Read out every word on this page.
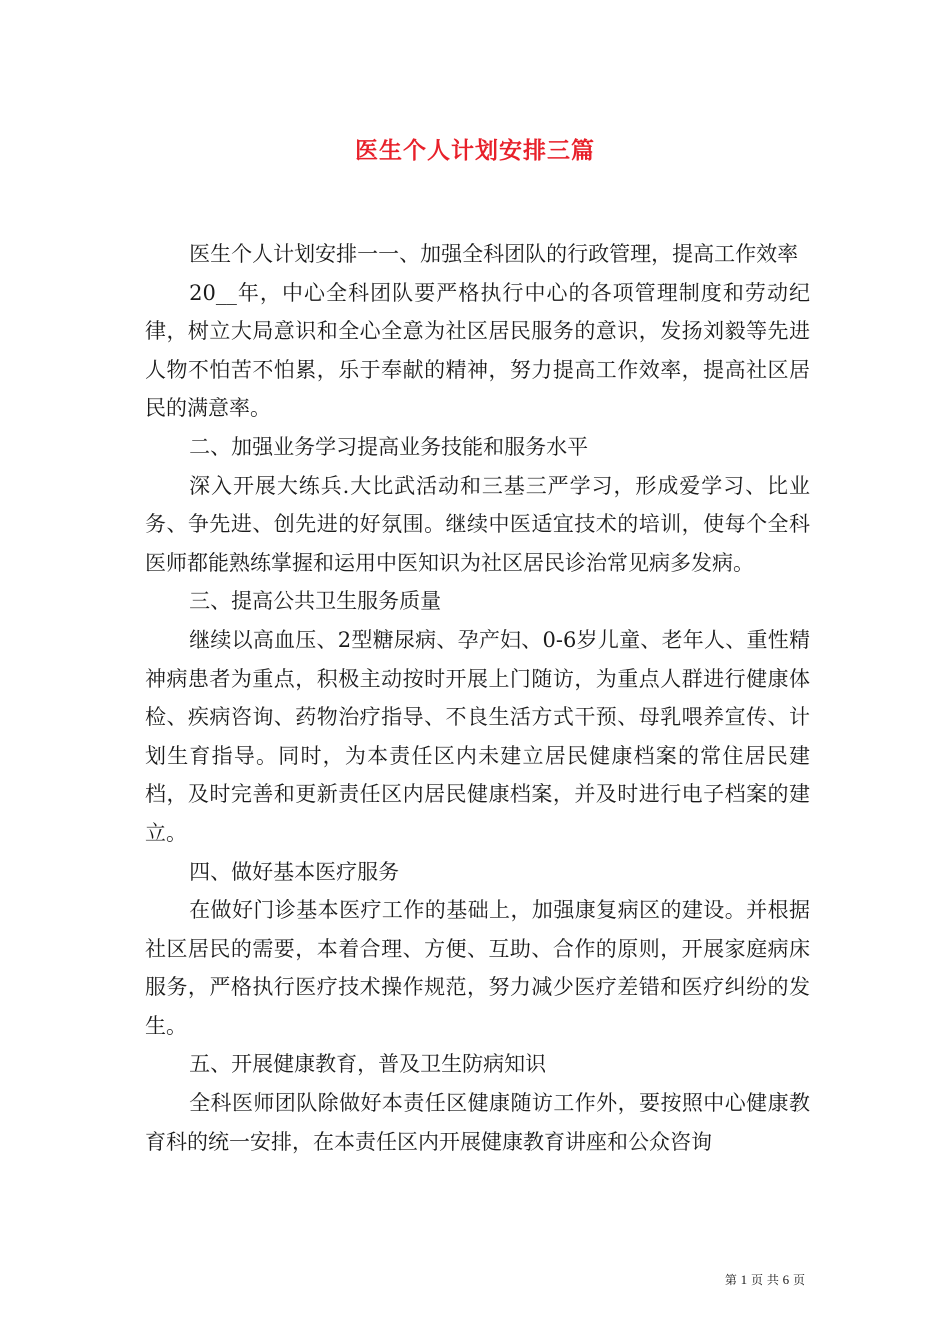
医生个人计划安排三篇

医生个人计划安排一一、加强全科团队的行政管理，提高工作效率

20__年，中心全科团队要严格执行中心的各项管理制度和劳动纪律，树立大局意识和全心全意为社区居民服务的意识，发扬刘毅等先进人物不怕苦不怕累，乐于奉献的精神，努力提高工作效率，提高社区居民的满意率。

二、加强业务学习提高业务技能和服务水平

深入开展大练兵.大比武活动和三基三严学习，形成爱学习、比业务、争先进、创先进的好氛围。继续中医适宜技术的培训，使每个全科医师都能熟练掌握和运用中医知识为社区居民诊治常见病多发病。

三、提高公共卫生服务质量

继续以高血压、2型糖尿病、孕产妇、0-6岁儿童、老年人、重性精神病患者为重点，积极主动按时开展上门随访，为重点人群进行健康体检、疾病咨询、药物治疗指导、不良生活方式干预、母乳喂养宣传、计划生育指导。同时，为本责任区内未建立居民健康档案的常住居民建档，及时完善和更新责任区内居民健康档案，并及时进行电子档案的建立。

四、做好基本医疗服务

在做好门诊基本医疗工作的基础上，加强康复病区的建设。并根据社区居民的需要，本着合理、方便、互助、合作的原则，开展家庭病床服务，严格执行医疗技术操作规范，努力减少医疗差错和医疗纠纷的发生。

五、开展健康教育，普及卫生防病知识

全科医师团队除做好本责任区健康随访工作外，要按照中心健康教育科的统一安排，在本责任区内开展健康教育讲座和公众咨询

第 1 页 共 6 页
